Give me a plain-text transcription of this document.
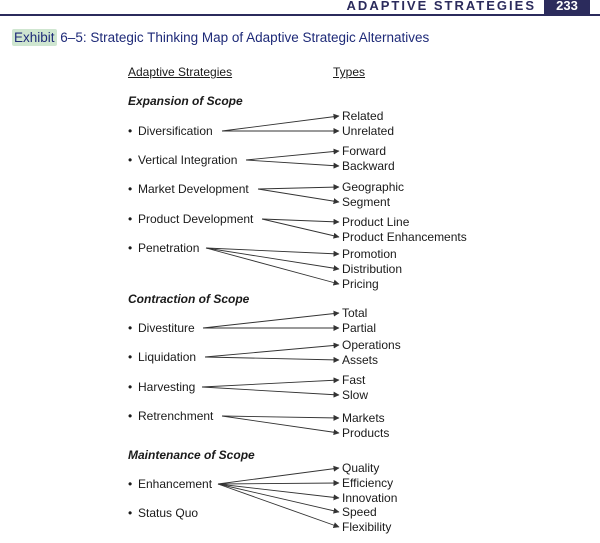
ADAPTIVE STRATEGIES	233
Exhibit 6–5: Strategic Thinking Map of Adaptive Strategic Alternatives
Adaptive Strategies	Types
Expansion of Scope
Contraction of Scope
Maintenance of Scope
• Diversification
• Vertical Integration
• Market Development
• Product Development
• Penetration
• Divestiture
• Liquidation
• Harvesting
• Retrenchment
• Enhancement
• Status Quo
Related
Unrelated
Forward
Backward
Geographic
Segment
Product Line
Product Enhancements
Promotion
Distribution
Pricing
Total
Partial
Operations
Assets
Fast
Slow
Markets
Products
Quality
Efficiency
Innovation
Speed
Flexibility
